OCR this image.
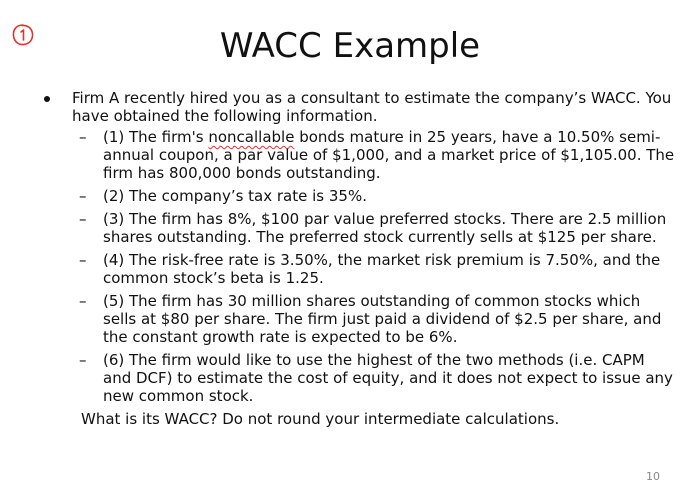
WACC Example
Firm A recently hired you as a consultant to estimate the company’s WACC. You have obtained the following information.
– (1) The firm's noncallable bonds mature in 25 years, have a 10.50% semi-annual coupon, a par value of $1,000, and a market price of $1,105.00. The firm has 800,000 bonds outstanding.
– (2) The company’s tax rate is 35%.
– (3) The firm has 8%, $100 par value preferred stocks. There are 2.5 million shares outstanding. The preferred stock currently sells at $125 per share.
– (4) The risk-free rate is 3.50%, the market risk premium is 7.50%, and the common stock’s beta is 1.25.
– (5) The firm has 30 million shares outstanding of common stocks which sells at $80 per share. The firm just paid a dividend of $2.5 per share, and the constant growth rate is expected to be 6%.
– (6) The firm would like to use the highest of the two methods (i.e. CAPM and DCF) to estimate the cost of equity, and it does not expect to issue any new common stock.
What is its WACC? Do not round your intermediate calculations.
10
